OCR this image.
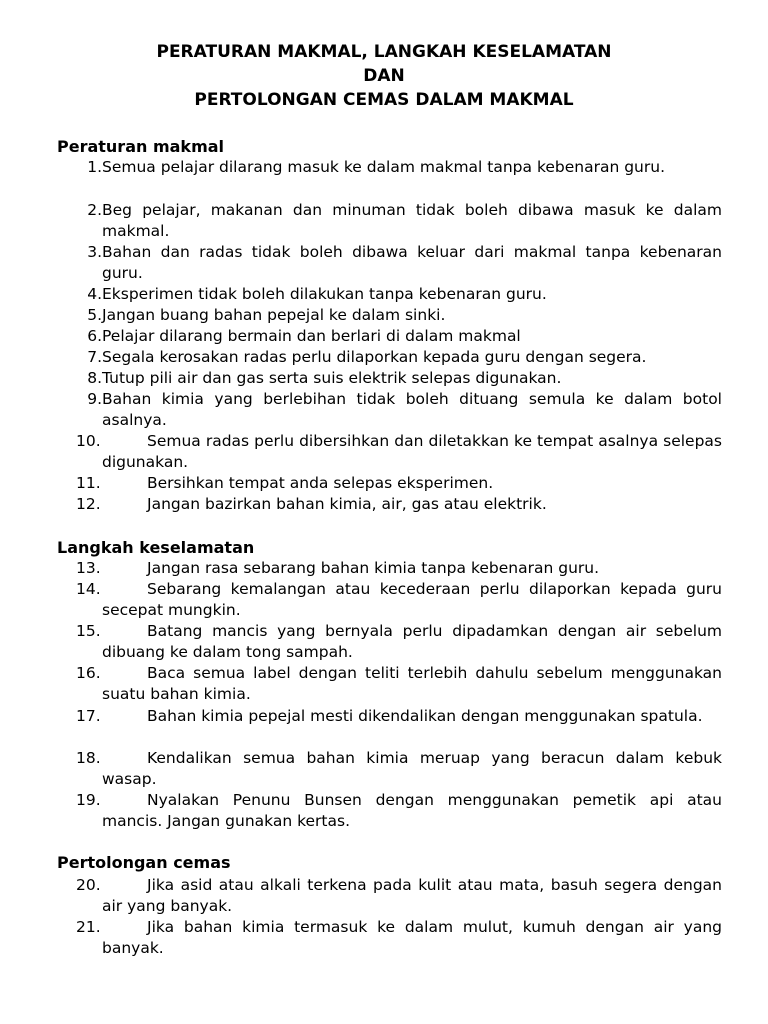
PERATURAN MAKMAL, LANGKAH KESELAMATAN
DAN
PERTOLONGAN CEMAS DALAM MAKMAL
Peraturan makmal
1. Semua pelajar dilarang masuk ke dalam makmal tanpa kebenaran guru.
2. Beg pelajar, makanan dan minuman tidak boleh dibawa masuk ke dalam makmal.
3. Bahan dan radas tidak boleh dibawa keluar dari makmal tanpa kebenaran guru.
4. Eksperimen tidak boleh dilakukan tanpa kebenaran guru.
5. Jangan buang bahan pepejal ke dalam sinki.
6. Pelajar dilarang bermain dan berlari di dalam makmal
7. Segala kerosakan radas perlu dilaporkan kepada guru dengan segera.
8. Tutup pili air dan gas serta suis elektrik selepas digunakan.
9. Bahan kimia yang berlebihan tidak boleh dituang semula ke dalam botol asalnya.
10.	Semua radas perlu dibersihkan dan diletakkan ke tempat asalnya selepas digunakan.
11.	Bersihkan tempat anda selepas eksperimen.
12.	Jangan bazirkan bahan kimia, air, gas atau elektrik.
Langkah keselamatan
13.	Jangan rasa sebarang bahan kimia tanpa kebenaran guru.
14.	Sebarang kemalangan atau kecederaan perlu dilaporkan kepada guru secepat mungkin.
15.	Batang mancis yang bernyala perlu dipadamkan dengan air sebelum dibuang ke dalam tong sampah.
16.	Baca semua label dengan teliti terlebih dahulu sebelum menggunakan suatu bahan kimia.
17.	Bahan kimia pepejal mesti dikendalikan dengan menggunakan spatula.
18.	Kendalikan semua bahan kimia meruap yang beracun dalam kebuk wasap.
19.	Nyalakan Penunu Bunsen dengan menggunakan pemetik api atau mancis. Jangan gunakan kertas.
Pertolongan cemas
20.	Jika asid atau alkali terkena pada kulit atau mata, basuh segera dengan air yang banyak.
21.	Jika bahan kimia termasuk ke dalam mulut, kumuh dengan air yang banyak.
